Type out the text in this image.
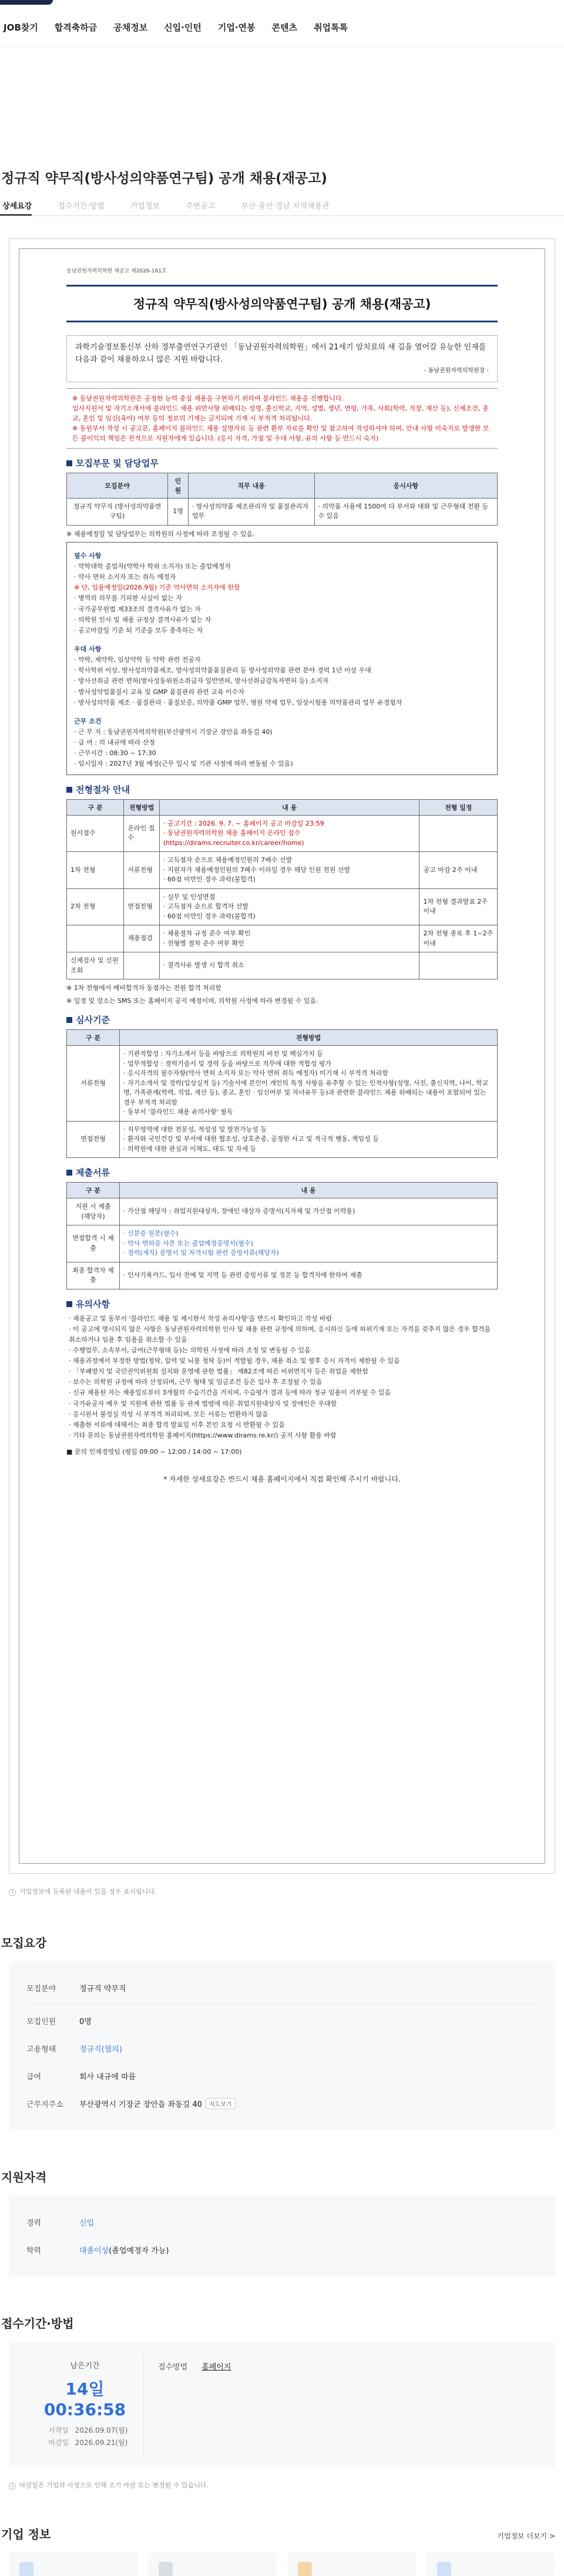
JOB찾기	합격축하금	공채정보	신입·인턴	기업·연봉	콘텐츠	취업톡톡
정규직 약무직(방사성의약품연구팀) 공개 채용(재공고)
상세요강	접수기간·방법	기업정보	주변공고	부산·울산·경남 지역채용관
동남권원자력의학원 재공고 제2026-161호
정규직 약무직(방사성의약품연구팀) 공개 채용(재공고)
과학기술정보통신부 산하 정부출연연구기관인 「동남권원자력의학원」에서 21세기 암치료의 새 길을 열어갈 유능한 인재를 다음과 같이 채용하오니 많은 지원 바랍니다.
- 동남권원자력의학원장 -
※ 동남권원자력의학원은 공정한 능력 중심 채용을 구현하기 위하여 블라인드 채용을 진행합니다.
입사지원서 및 자기소개서에 블라인드 채용 위반사항 위배되는 성명, 출신학교, 지역, 성별, 생년, 연령, 가족, 사회(학력, 직장, 재산 등), 신체조건, 종교, 혼인 및 임신(육아) 여부 등의 정보의 기재는 금지되며 기재 시 부적격 처리됩니다.
※ 동원부서 작성 시 공고문, 홈페이지 블라인드 채용 설명자료 등 관련 환부 자료를 확인 및 참고하여 작성하셔야 하며, 안내 사항 미숙지로 발생한 모든 불이익의 책임은 전적으로 지원자에게 있습니다. (응시 자격, 가점 및 우대 사항, 유의 사항 등 반드시 숙지)
모집부문 및 담당업무
모집분야	인 원	직무 내용	응시사항
정규직 약무직 (방사성의약품연구팀)	1명	· 방사성의약품 제조관리자 및 품질관리자 업무	· 의약품 사용에 1500여 타 부서와 대화 및 근무형태 전환 등 수 있음
※ 채용예정일 및 담당업무는 의학원의 사정에 따라 조정될 수 있음.
필수 사항
· 약학대학 졸업자(약학사 학위 소지자) 또는 졸업예정자
· 약사 면허 소지자 또는 취득 예정자
※ 단, 임용예정일(2026.9월) 기준 약사면허 소지자에 한함
· 병역의 의무를 기피한 사실이 없는 자
· 국가공무원법 제33조의 결격사유가 없는 자
· 의학원 인사 및 채용 규정상 결격사유가 없는 자
· 공고마감일 기준 퇴 기준을 모두 충족하는 자
우대 사항
· 약학, 제약학, 임상약학 등 약학 관련 전공자
· 학사학위 이상, 방사성의약품제조, 방사성의약품품질관리 등 방사성의약품 관련 분야 경력 1년 이상 우대
· 방사선취급 관련 면허(방사성동위원소취급자 일반면허, 방사선취급감독자면허 등) 소지자
· 방사성약업품질시 교육 및 GMP 품질관리 관련 교육 이수자
· 방사성의약품 제조 · 품질관리 · 품질보증, 의약품 GMP 업무, 병원 약제 업무, 임상시험용 의약품관리 업무 유경험자
근무 조건
· 근 무 지 : 동남권원자력의학원(부산광역시 기장군 장안읍 좌동길 40)
· 급 여 : 의 내규에 따라 산정
· 근무시간 : 08:30 ~ 17:30
· 임시일자 : 2027년 3월 예정(근무 일시 및 기관 사정에 따라 변동될 수 있음)
전형절차 안내
구 분	전형방법	내 용	전형 일정
원서접수	온라인 접수	· 공고기간 : 2026. 9. 7. ~ 홈페이지 공고 마감일 23:59
· 동남권원자력의학원 채용 홈페이지 온라인 접수 (https://dirams.recruiter.co.kr/career/home)	
1차 전형	서류전형	· 고득점자 순으로 채용예정인원의 7배수 선발
· 지원자가 채용예정인원의 7배수 이하일 경우 해당 인원 전원 선발
· 60점 미만인 경우 과락(불합격)	공고 마감 2주 이내
2차 전형	면접전형	· 실무 및 인성면접
· 고득점자 순으로 합격자 선발
· 60점 미만인 경우 과락(불합격)	1차 전형 결과발표 2주 이내
	채용점검	· 채용절차 규정 준수 여부 확인
· 전형별 절차 준수 여부 확인	2차 전형 종료 후 1~2주 이내
신체검사 및 신원조회		· 결격사유 발생 시 합격 취소	
※ 1차 전형에서 예비합격자 동점자는 전원 합격 처리함
※ 일정 및 장소는 SMS 또는 홈페이지 공지 예정이며, 의학원 사정에 따라 변경될 수 있음.
심사기준
구 분	전형방법
서류전형	· 기관적합성 : 자기소개서 등을 바탕으로 의학원의 비전 및 핵심가치 등
· 업무적합성 : 경력기술서 및 경력 등을 바탕으로 직무에 대한 적합성 평가
· 응시자격의 필수자항(약사 면허 소지자 또는 약사 면허 취득 예정자) 미기재 시 부적격 처리함
· 자기소개서 및 경력(입상실적 등) 기술서에 본인이 개인의 특정 사항을 유추할 수 있는 인적사항(성명, 사진, 출신지역, 나이, 학교명, 가족관계(학력, 직업, 재산 등), 종교, 혼인 · 임신여부 및 자녀유무 등)과 관련한 블라인드 채용 위배되는 내용이 포함되어 있는 경우 부적격 처리함
· 동부서 '블라인드 채용 유의사항' 필독
면접전형	· 직무영역에 대한 전문성, 적성성 및 발전가능성 등
· 환자와 국민건강 및 부서에 대한 협조성, 상호존중, 공정한 사고 및 적극적 행동, 책임성 등
· 의학원에 대한 관심과 이해도, 태도 및 자세 등
제출서류
구 분	내 용
지원 시 제출 (해당자)	· 가산점 해당자 : 취업지원대상자, 장애인 대상자 증명서(지자체 및 가산점 이력용)
면접합격 시 제출	· 신분증 원본(필수)
· 약사 면허증 사본 또는 졸업예정증명서(필수)
· 경력(재직) 증명서 및 자격시험 관련 증빙서류(해당자)
최종 합격자 제출	· 인사기록카드, 입사 전에 및 지역 등 관련 증빙서류 및 정본 등 합격자에 한하여 제출
유의사항
· 채용공고 및 동부서 '블라인드 채용 및 제시한서 작성 유의사항'을 반드시 확인하고 작성 바람
· 이 공고에 명시되지 않은 사항은 동남권원자력의학원 인사 및 채용 관련 규정에 의하며, 응시하신 등에 허위기재 또는 자격을 갖추지 않은 경우 합격을 취소하거나 임용 후 임용을 취소할 수 있음
· 수행업무, 소속부서, 급여(근무형태 등)는 의학원 사정에 따라 조정 및 변동될 수 있음
· 채용과정에서 부정한 방법(청탁, 압력 및 뇌물 청탁 등)이 적발될 경우, 채용 취소 및 향후 응시 자격이 제한될 수 있음
· 「부패방지 및 국민권익위원회 설치와 운영에 관한 법률」 제82조에 따른 비위면직자 등은 취업을 제한함
· 보수는 의학원 규정에 따라 산정되며, 근무 형태 및 임금조건 등은 입사 후 조정될 수 있음
· 신규 채용된 자는 채용일로부터 3개월의 수습기간을 거치며, 수습평가 결과 등에 따라 정규 임용이 거부될 수 있음
· 국가유공자 예우 및 지원에 관한 법률 등 관계 법령에 따른 취업지원대상자 및 장애인은 우대함
· 응시원서 불성실 작성 시 부적격 처리되며, 모든 서류는 반환하지 않음
· 제출한 서류에 대해서는 최종 합격 발표일 이후 본인 요청 시 반환될 수 있음
· 기타 문의는 동남권원자력의학원 홈페이지(https://www.dirams.re.kr/) 공지 사항 활용 바람
■ 문의 인재경영팀 (평일 09:00 ~ 12:00 / 14:00 ~ 17:00)
* 자세한 상세요강은 반드시 채용 홈페이지에서 직접 확인해 주시기 바랍니다.
i 기업정보에 등록된 내용이 있을 경우 표시됩니다.
모집요강
모집분야	정규직 약무직
모집인원	0명
고용형태	정규직(협의)
급여	회사 내규에 따름
근무지주소	부산광역시 기장군 장안읍 좌동길 40	지도보기
지원자격
경력	신입
학력	대졸이상 (졸업예정자 가능)
접수기간·방법
남은기간
14일 00:36:58
시작일 2026.09.07(월)
마감일 2026.09.21(월)
접수방법 홈페이지
i 마감일은 기업의 사정으로 인해 조기 마감 또는 변경될 수 있습니다.
기업 정보	기업정보 더보기 >
